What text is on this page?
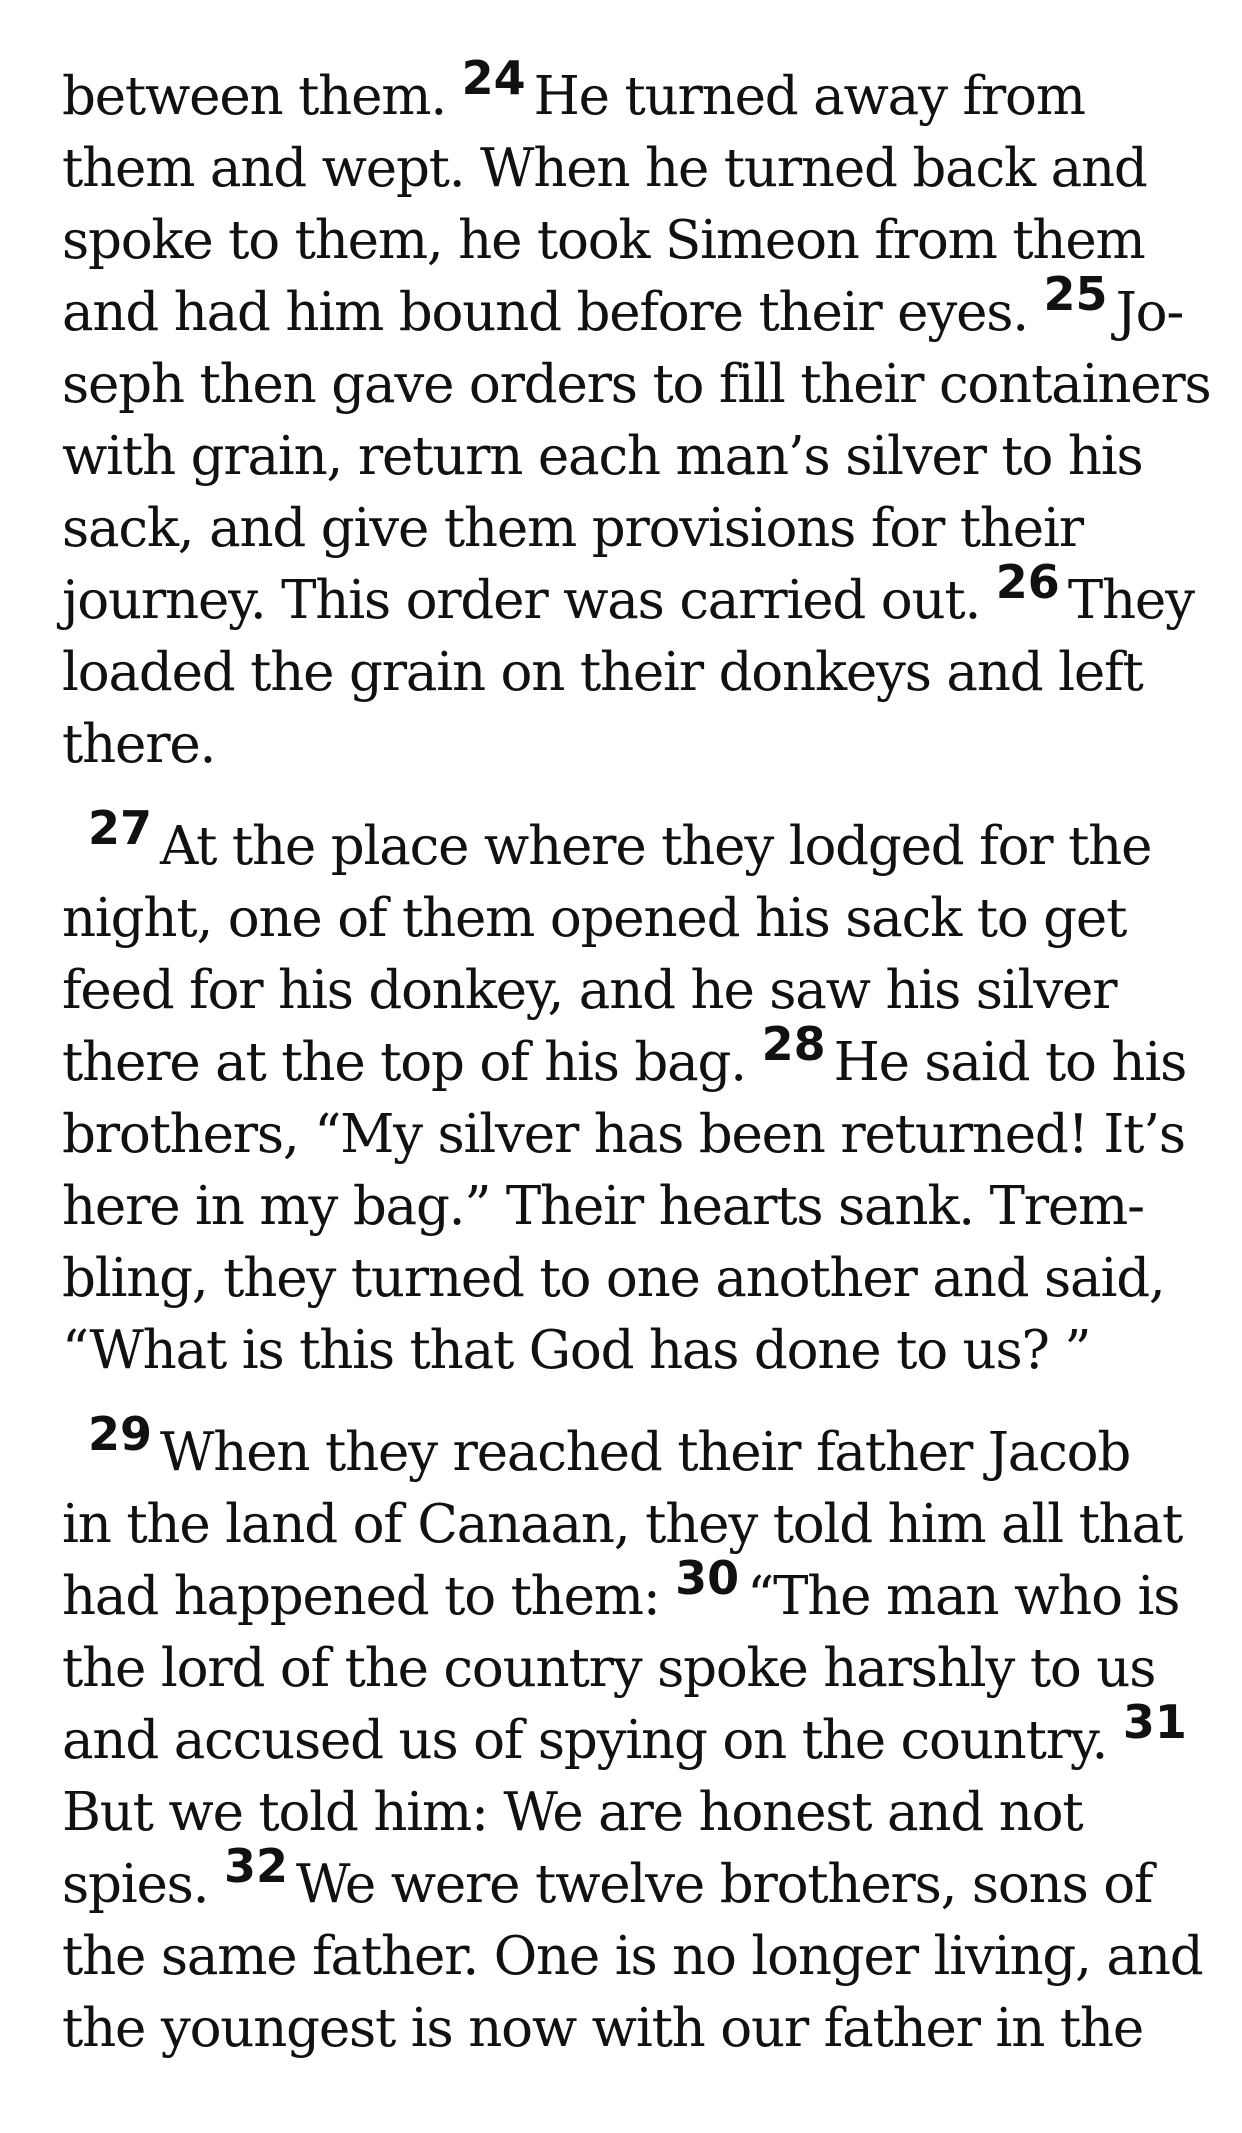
between them. 24 He turned away from
them and wept. When he turned back and
spoke to them, he took Simeon from them
and had him bound before their eyes. 25 Jo-
seph then gave orders to fill their containers
with grain, return each man’s silver to his
sack, and give them provisions for their
journey. This order was carried out. 26 They
loaded the grain on their donkeys and left
there.
27 At the place where they lodged for the
night, one of them opened his sack to get
feed for his donkey, and he saw his silver
there at the top of his bag. 28 He said to his
brothers, “My silver has been returned! It’s
here in my bag.” Their hearts sank. Trem-
bling, they turned to one another and said,
“What is this that God has done to us? ”
29 When they reached their father Jacob
in the land of Canaan, they told him all that
had happened to them: 30 “The man who is
the lord of the country spoke harshly to us
and accused us of spying on the country. 31
But we told him: We are honest and not
spies. 32 We were twelve brothers, sons of
the same father. One is no longer living, and
the youngest is now with our father in the
